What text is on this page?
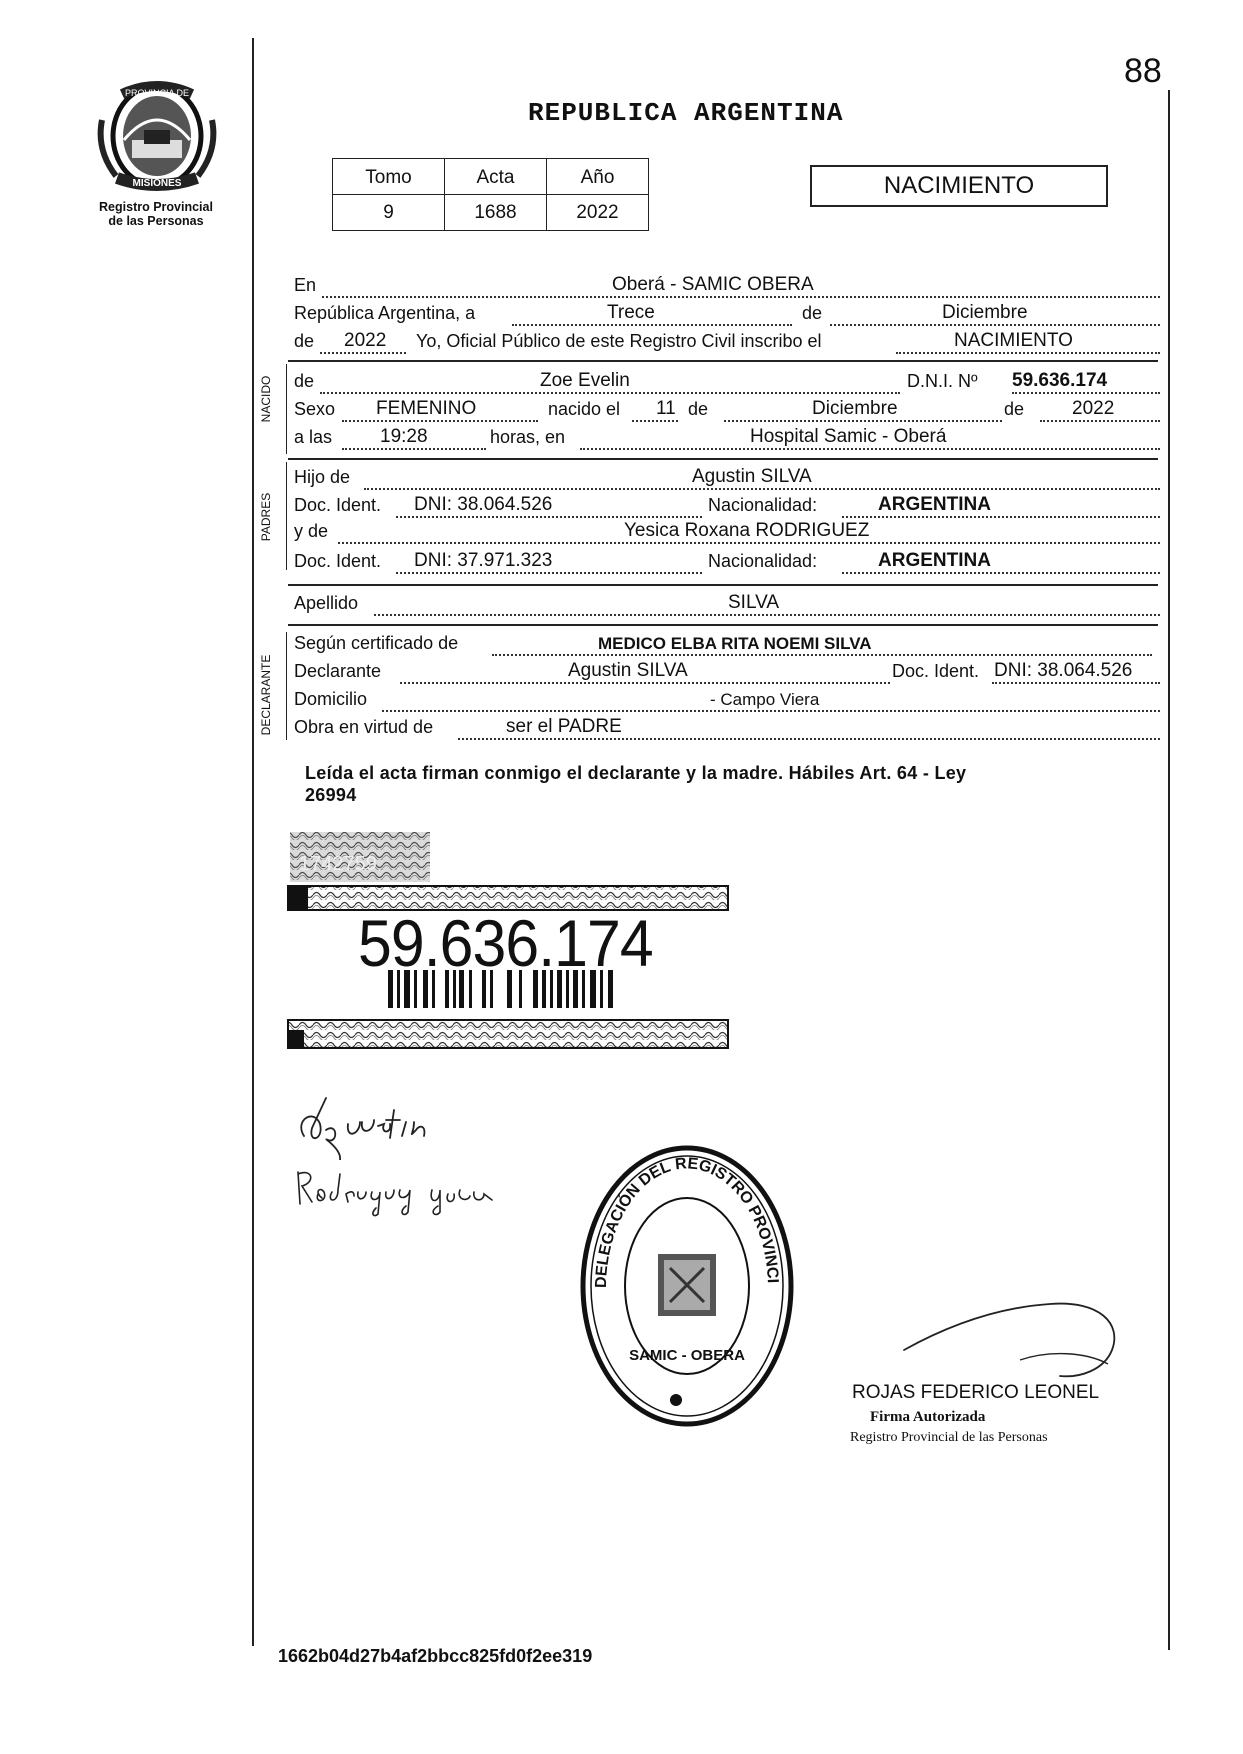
88
PROVINCIA DE
MISIONES
Registro Provincial
de las Personas
REPUBLICA ARGENTINA
Tomo	Acta	Año
9	1688	2022
NACIMIENTO
En	Oberá - SAMIC OBERA
República Argentina, a	Trece	de	Diciembre
de 2022 Yo, Oficial Público de este Registro Civil inscribo el	NACIMIENTO
NACIDO de	Zoe Evelin	D.N.I. Nº 59.636.174
Sexo FEMENINO	nacido el 11 de	Diciembre	de	2022
a las	19:28	horas, en	Hospital Samic - Oberá
PADRES
Hijo de	Agustin SILVA
Doc. Ident. DNI: 38.064.526	Nacionalidad:	ARGENTINA
y de	Yesica Roxana RODRIGUEZ
Doc. Ident. DNI: 37.971.323	Nacionalidad:	ARGENTINA
Apellido	SILVA
DECLARANTE
Según certificado de	MEDICO ELBA RITA NOEMI SILVA
Declarante	Agustin SILVA	Doc. Ident. DNI: 38.064.526
Domicilio	- Campo Viera
Obra en virtud de	ser el PADRE
Leída el acta firman conmigo el declarante y la madre. Hábiles Art. 64 - Ley
26994
1742759
59.636.174
DELEGACIÓN DEL REGISTRO PROVINCI
SAMIC - OBERA
ROJAS FEDERICO LEONEL
Firma Autorizada
Registro Provincial de las Personas
1662b04d27b4af2bbcc825fd0f2ee319
